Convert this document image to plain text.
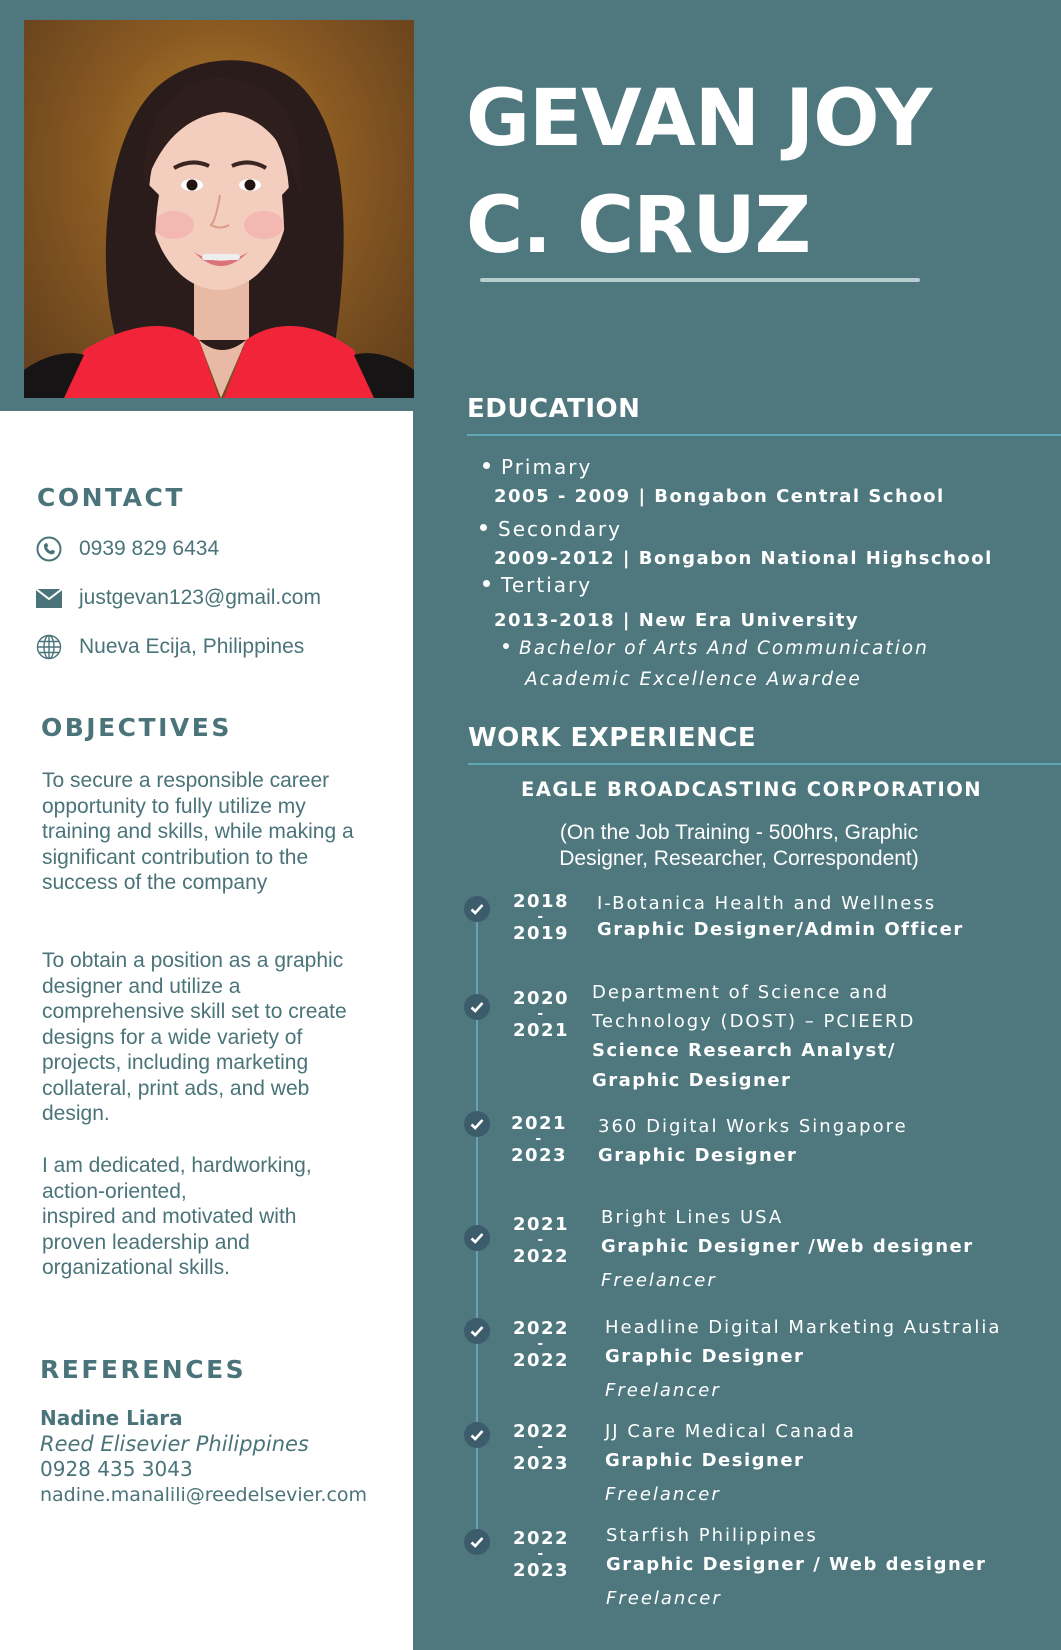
GEVAN JOY
C. CRUZ
CONTACT
0939 829 6434
justgevan123@gmail.com
Nueva Ecija, Philippines
OBJECTIVES
To secure a responsible career
opportunity to fully utilize my
training and skills, while making a
significant contribution to the
success of the company
To obtain a position as a graphic
designer and utilize a
comprehensive skill set to create
designs for a wide variety of
projects, including marketing
collateral, print ads, and web
design.
I am dedicated, hardworking,
action-oriented,
inspired and motivated with
proven leadership and
organizational skills.
REFERENCES
Nadine Liara
Reed Elisevier Philippines
0928 435 3043
nadine.manalili@reedelsevier.com
EDUCATION
Primary
2005 - 2009 | Bongabon Central School
Secondary
2009-2012 | Bongabon National Highschool
Tertiary
2013-2018 | New Era University
Bachelor of Arts And Communication
Academic Excellence Awardee
WORK EXPERIENCE
EAGLE BROADCASTING CORPORATION
(On the Job Training - 500hrs, Graphic
Designer, Researcher, Correspondent)
2018
-
2019
I-Botanica Health and Wellness
Graphic Designer/Admin Officer
2020
-
2021
Department of Science and
Technology (DOST) – PCIEERD
Science Research Analyst/
Graphic Designer
2021
-
2023
360 Digital Works Singapore
Graphic Designer
2021
-
2022
Bright Lines USA
Graphic Designer /Web designer
Freelancer
2022
-
2022
Headline Digital Marketing Australia
Graphic Designer
Freelancer
2022
-
2023
JJ Care Medical Canada
Graphic Designer
Freelancer
2022
-
2023
Starfish Philippines
Graphic Designer / Web designer
Freelancer
